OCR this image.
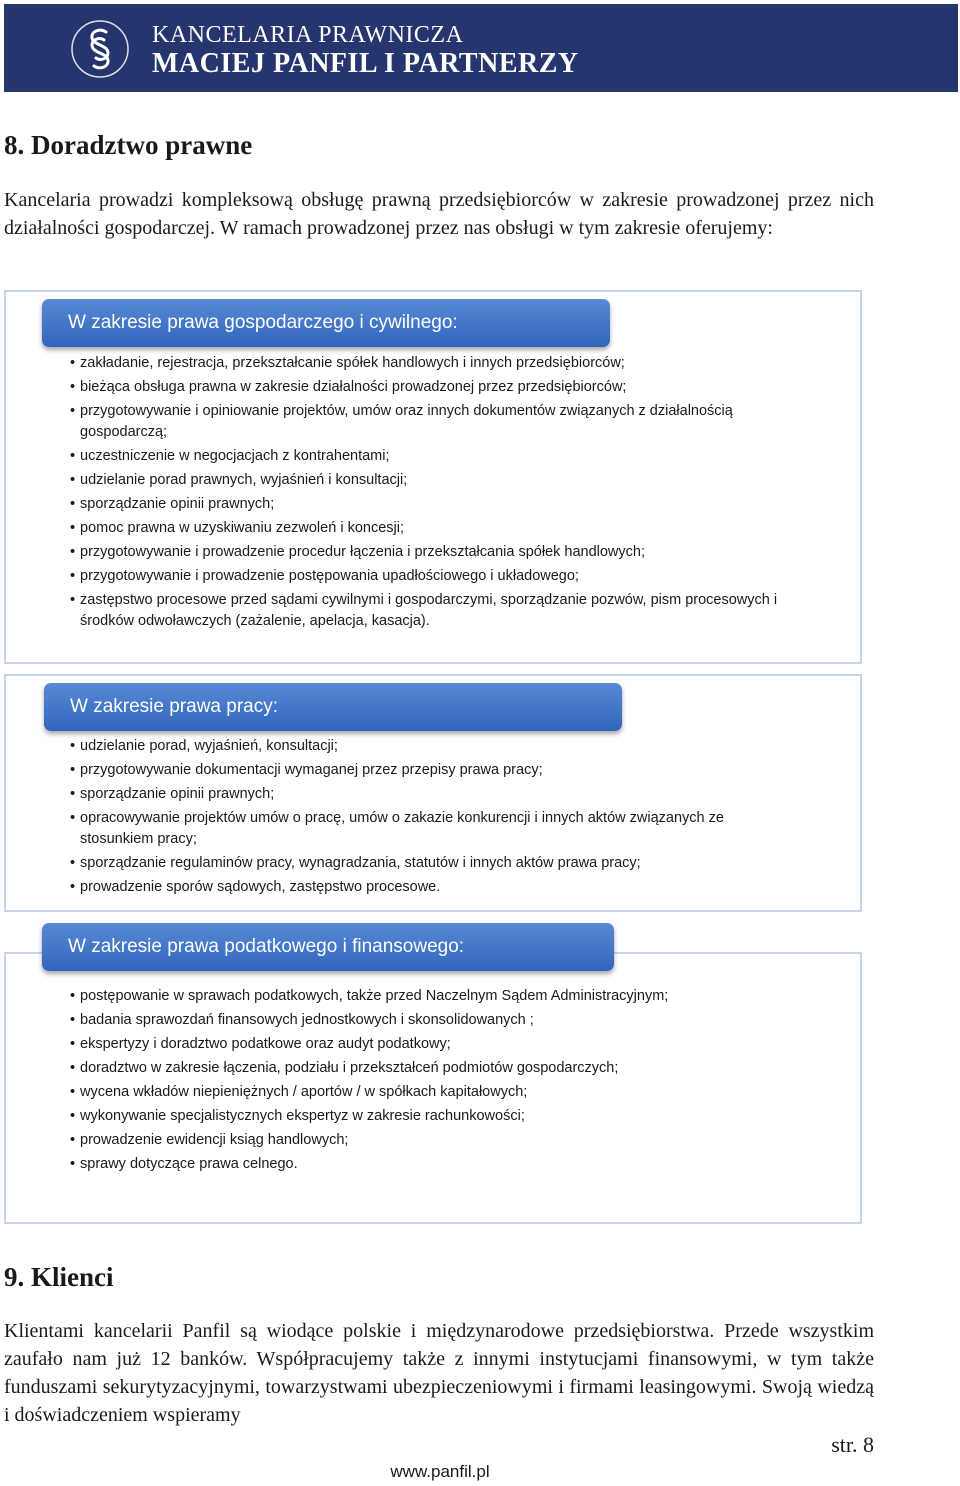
KANCELARIA PRAWNICZA
MACIEJ PANFIL I PARTNERZY
8. Doradztwo prawne

Kancelaria prowadzi kompleksową obsługę prawną przedsiębiorców w zakresie prowadzonej przez nich działalności gospodarczej. W ramach prowadzonej przez nas obsługi w tym zakresie oferujemy:

W zakresie prawa gospodarczego i cywilnego:
• zakładanie, rejestracja, przekształcanie spółek handlowych i innych przedsiębiorców;
• bieżąca obsługa prawna w zakresie działalności prowadzonej przez przedsiębiorców;
• przygotowywanie i opiniowanie projektów, umów oraz innych dokumentów związanych z działalnością gospodarczą;
• uczestniczenie w negocjacjach z kontrahentami;
• udzielanie porad prawnych, wyjaśnień i konsultacji;
• sporządzanie opinii prawnych;
• pomoc prawna w uzyskiwaniu zezwoleń i koncesji;
• przygotowywanie i prowadzenie procedur łączenia i przekształcania spółek handlowych;
• przygotowywanie i prowadzenie postępowania upadłościowego i układowego;
• zastępstwo procesowe przed sądami cywilnymi i gospodarczymi, sporządzanie pozwów, pism procesowych i środków odwoławczych (zażalenie, apelacja, kasacja).
W zakresie prawa pracy:
• udzielanie porad, wyjaśnień, konsultacji;
• przygotowywanie dokumentacji wymaganej przez przepisy prawa pracy;
• sporządzanie opinii prawnych;
• opracowywanie projektów umów o pracę, umów o zakazie konkurencji i innych aktów związanych ze stosunkiem pracy;
• sporządzanie regulaminów pracy, wynagradzania, statutów i innych aktów prawa pracy;
• prowadzenie sporów sądowych, zastępstwo procesowe.
W zakresie prawa podatkowego i finansowego:
• postępowanie w sprawach podatkowych, także przed Naczelnym Sądem Administracyjnym;
• badania sprawozdań finansowych jednostkowych i skonsolidowanych ;
• ekspertyzy i doradztwo podatkowe oraz audyt podatkowy;
• doradztwo w zakresie łączenia, podziału i przekształceń podmiotów gospodarczych;
• wycena wkładów niepieniężnych / aportów / w spółkach kapitałowych;
• wykonywanie specjalistycznych ekspertyz w zakresie rachunkowości;
• prowadzenie ewidencji ksiąg handlowych;
• sprawy dotyczące prawa celnego.
9. Klienci

Klientami kancelarii Panfil są wiodące polskie i międzynarodowe przedsiębiorstwa. Przede wszystkim zaufało nam już 12 banków. Współpracujemy także z innymi instytucjami finansowymi, w tym także funduszami sekurytyzacyjnymi, towarzystwami ubezpieczeniowymi i firmami leasingowymi. Swoją wiedzą i doświadczeniem wspieramy

str. 8
www.panfil.pl
